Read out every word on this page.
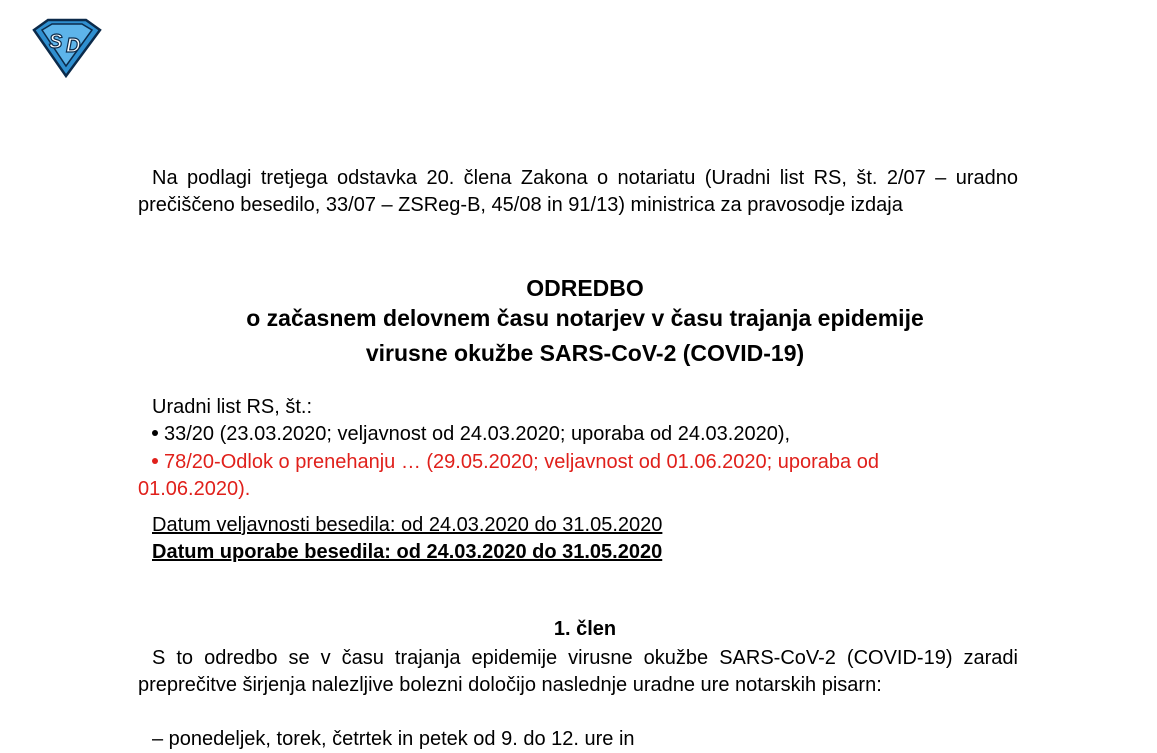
S D
Na podlagi tretjega odstavka 20. člena Zakona o notariatu (Uradni list RS, št. 2/07 – uradno prečiščeno besedilo, 33/07 – ZSReg-B, 45/08 in 91/13) ministrica za pravosodje izdaja
ODREDBO
o začasnem delovnem času notarjev v času trajanja epidemije
virusne okužbe SARS-CoV-2 (COVID-19)
Uradni list RS, št.:
33/20 (23.03.2020; veljavnost od 24.03.2020; uporaba od 24.03.2020),
78/20-Odlok o prenehanju … (29.05.2020; veljavnost od 01.06.2020; uporaba od
01.06.2020).
Datum veljavnosti besedila: od 24.03.2020 do 31.05.2020
Datum uporabe besedila: od 24.03.2020 do 31.05.2020
1. člen
S to odredbo se v času trajanja epidemije virusne okužbe SARS-CoV-2 (COVID-19) zaradi preprečitve širjenja nalezljive bolezni določijo naslednje uradne ure notarskih pisarn:
– ponedeljek, torek, četrtek in petek od 9. do 12. ure in
